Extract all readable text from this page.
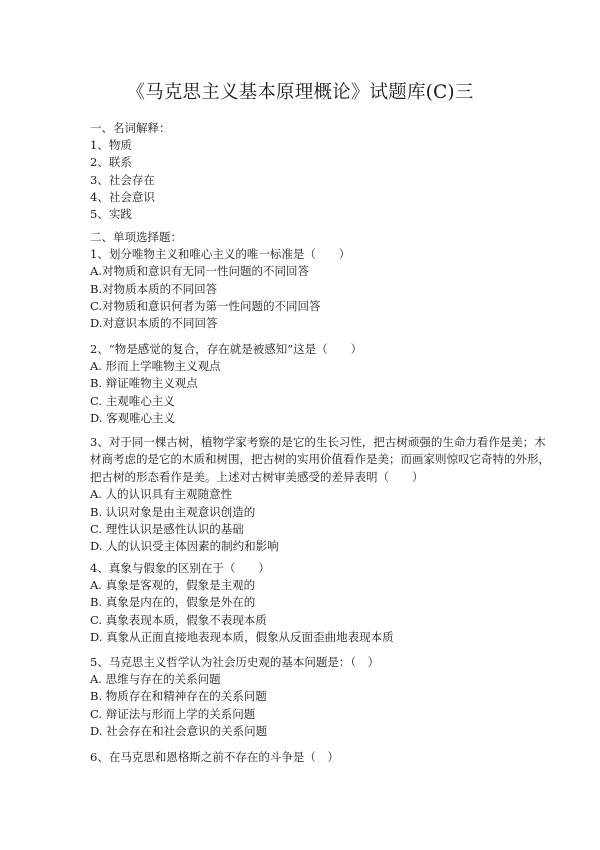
《马克思主义基本原理概论》试题库(C)三
一、名词解释：
1、物质
2、联系
3、社会存在
4、社会意识
5、实践
二、单项选择题：
1、划分唯物主义和唯心主义的唯一标准是（　　）
A.对物质和意识有无同一性问题的不同回答
B.对物质本质的不同回答
C.对物质和意识何者为第一性问题的不同回答
D.对意识本质的不同回答
2、“物是感觉的复合，存在就是被感知”这是（　　）
A. 形而上学唯物主义观点
B. 辩证唯物主义观点
C. 主观唯心主义
D. 客观唯心主义
3、对于同一棵古树，植物学家考察的是它的生长习性，把古树顽强的生命力看作是美；木
材商考虑的是它的木质和树围，把古树的实用价值看作是美；而画家则惊叹它奇特的外形，
把古树的形态看作是美。上述对古树审美感受的差异表明（　　）
A. 人的认识具有主观随意性
B. 认识对象是由主观意识创造的
C. 理性认识是感性认识的基础
D. 人的认识受主体因素的制约和影响
4、真象与假象的区别在于（　　）
A. 真象是客观的，假象是主观的
B. 真象是内在的，假象是外在的
C. 真象表现本质，假象不表现本质
D. 真象从正面直接地表现本质，假象从反面歪曲地表现本质
5、马克思主义哲学认为社会历史观的基本问题是：（　）
A. 思维与存在的关系问题
B. 物质存在和精神存在的关系问题
C. 辩证法与形而上学的关系问题
D. 社会存在和社会意识的关系问题
6、在马克思和恩格斯之前不存在的斗争是（　）
